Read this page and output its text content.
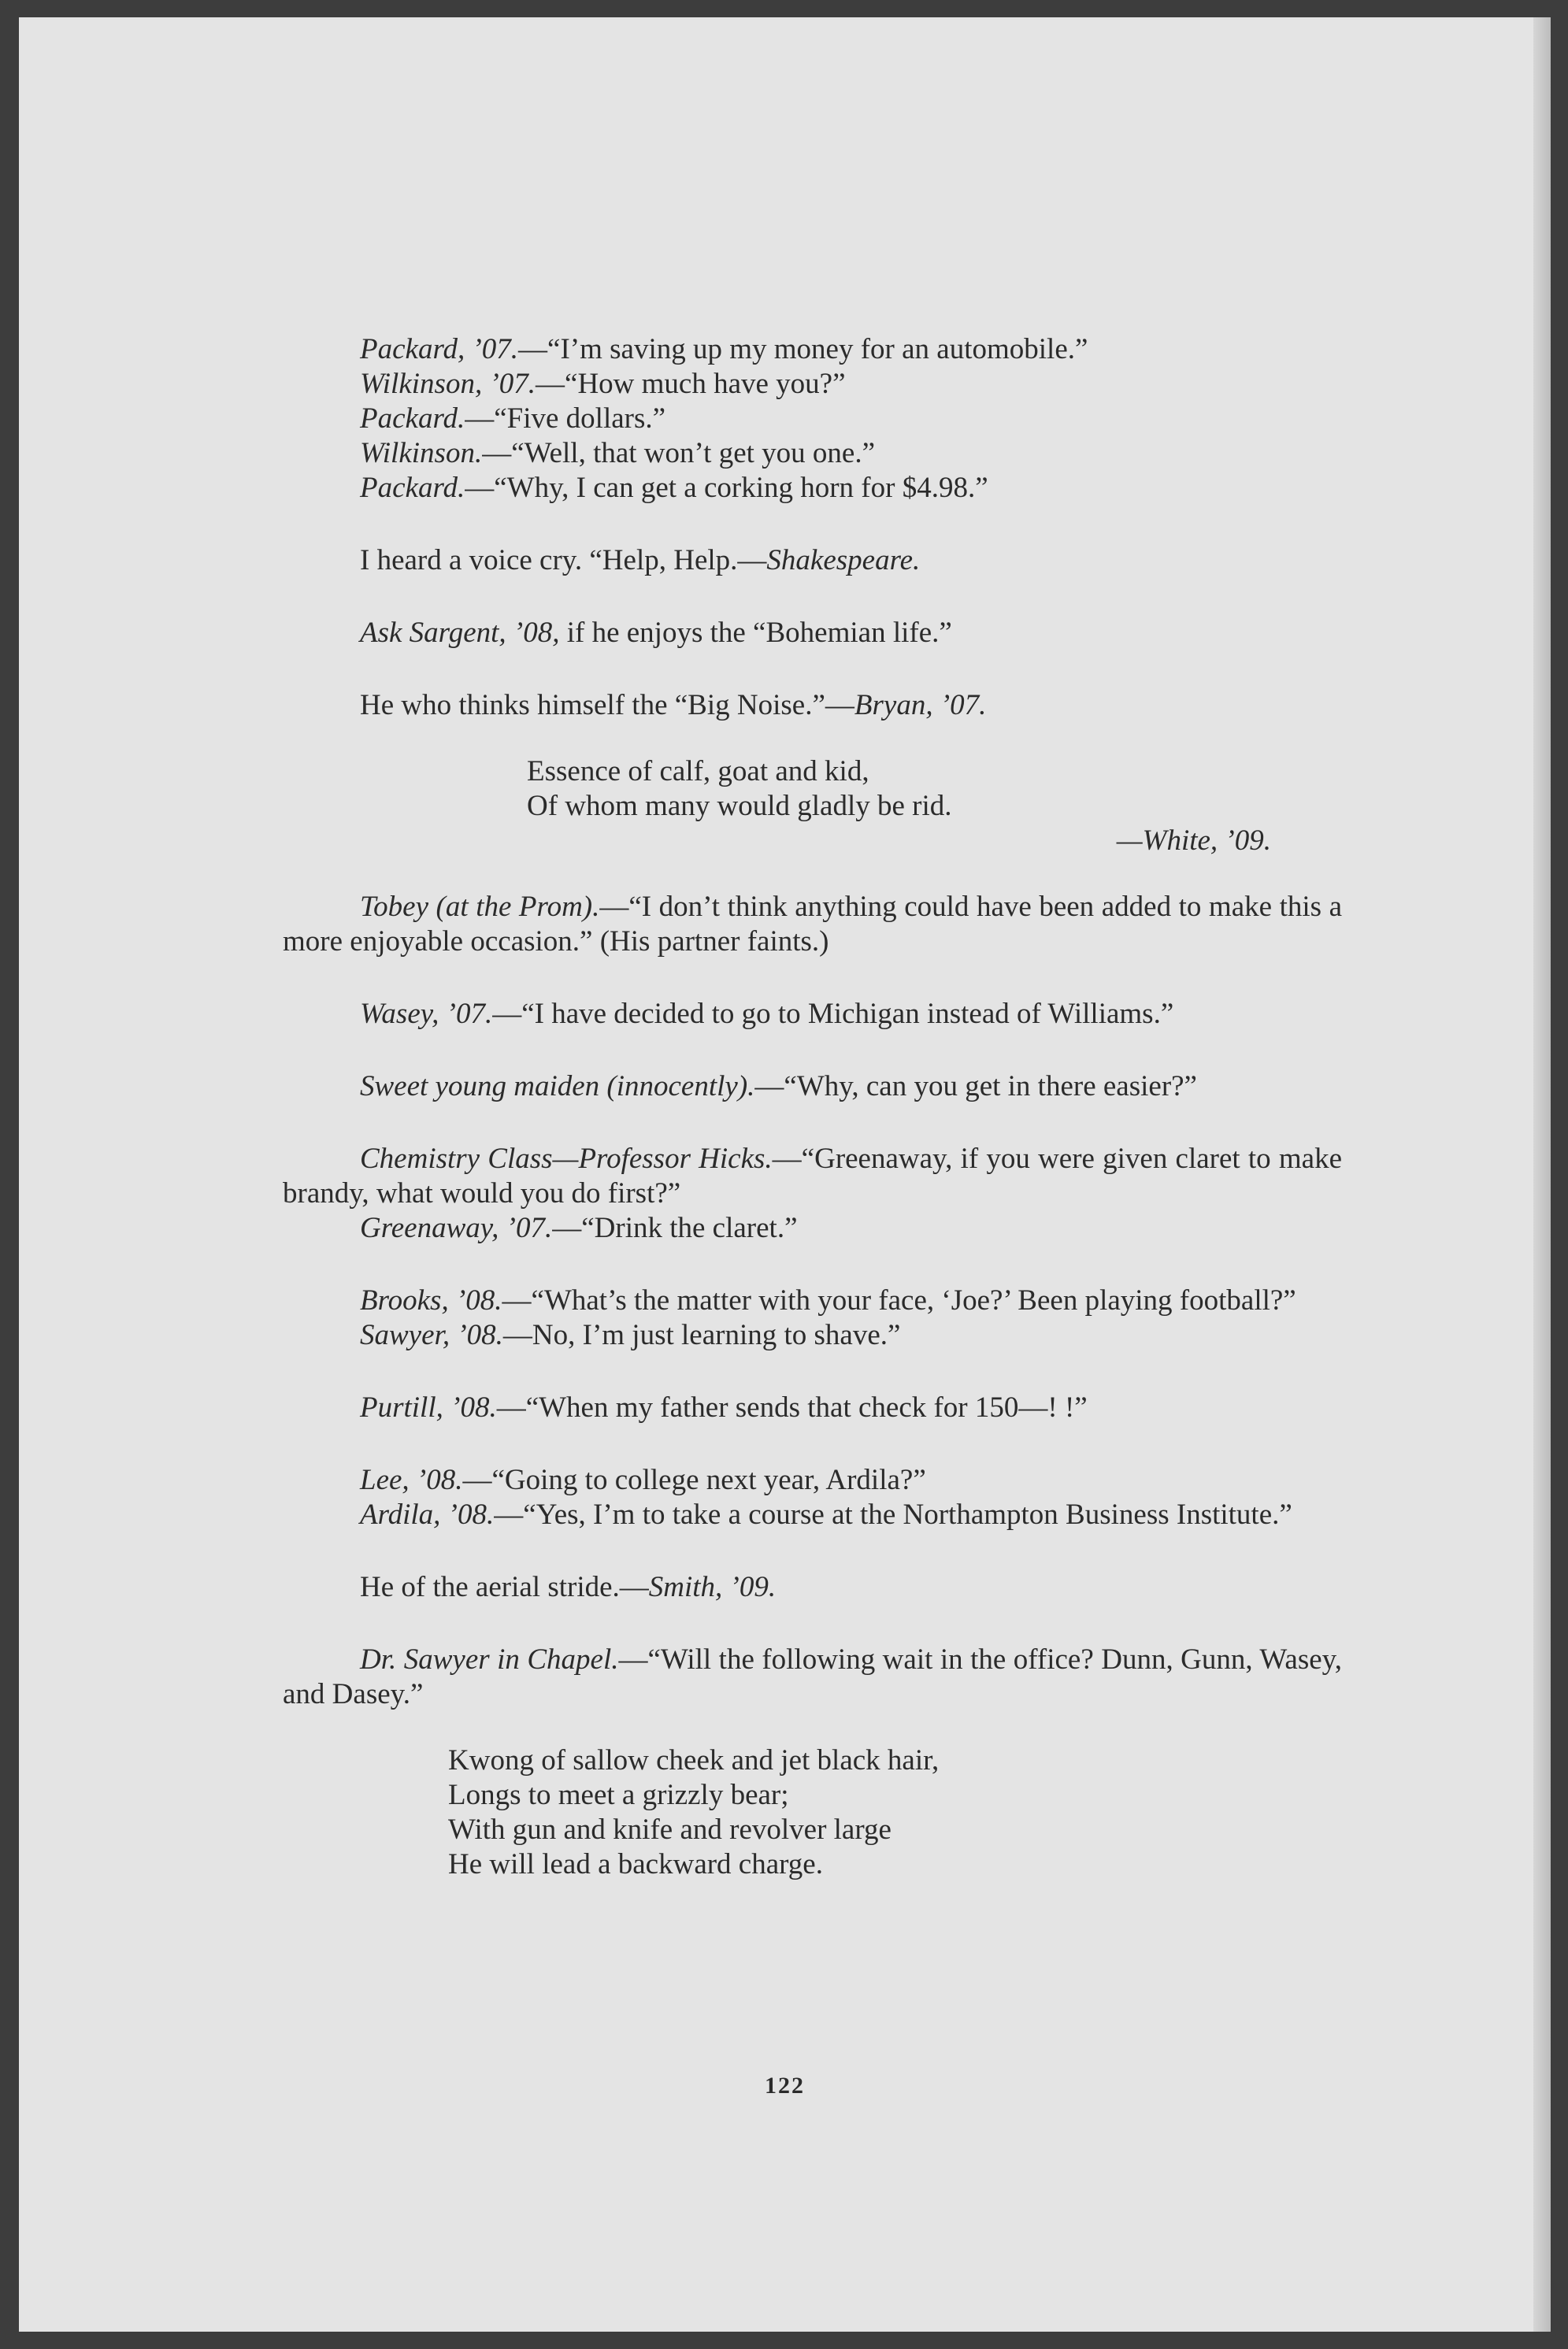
Packard, ’07.—“I’m saving up my money for an automobile.”

Wilkinson, ’07.—“How much have you?”

Packard.—“Five dollars.”

Wilkinson.—“Well, that won’t get you one.”

Packard.—“Why, I can get a corking horn for $4.98.”

I heard a voice cry. “Help, Help.—Shakespeare.

Ask Sargent, ’08, if he enjoys the “Bohemian life.”

He who thinks himself the “Big Noise.”—Bryan, ’07.

Essence of calf, goat and kid,

Of whom many would gladly be rid.

—White, ’09.

Tobey (at the Prom).—“I don’t think anything could have been added to make this a more enjoyable occasion.” (His partner faints.)

Wasey, ’07.—“I have decided to go to Michigan instead of Williams.”

Sweet young maiden (innocently).—“Why, can you get in there easier?”

Chemistry Class—Professor Hicks.—“Greenaway, if you were given claret to make brandy, what would you do first?”

Greenaway, ’07.—“Drink the claret.”

Brooks, ’08.—“What’s the matter with your face, ‘Joe?’ Been playing football?”

Sawyer, ’08.—No, I’m just learning to shave.”

Purtill, ’08.—“When my father sends that check for 150—! !”

Lee, ’08.—“Going to college next year, Ardila?”

Ardila, ’08.—“Yes, I’m to take a course at the Northampton Business Institute.”

He of the aerial stride.—Smith, ’09.

Dr. Sawyer in Chapel.—“Will the following wait in the office? Dunn, Gunn, Wasey, and Dasey.”

Kwong of sallow cheek and jet black hair,

Longs to meet a grizzly bear;

With gun and knife and revolver large

He will lead a backward charge.

122
